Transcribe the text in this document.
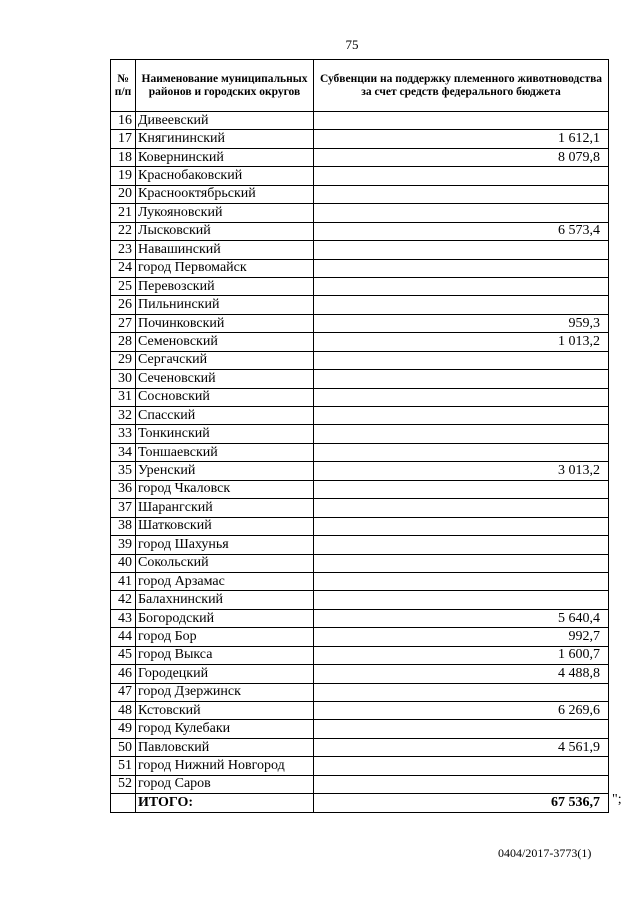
75
№
п/п	Наименование муниципальных районов и городских округов	Субвенции на поддержку племенного животноводства за счет средств федерального бюджета
16	Дивеевский	
17	Княгининский	1 612,1
18	Ковернинский	8 079,8
19	Краснобаковский	
20	Краснооктябрьский	
21	Лукояновский	
22	Лысковский	6 573,4
23	Навашинский	
24	город Первомайск	
25	Перевозский	
26	Пильнинский	
27	Починковский	959,3
28	Семеновский	1 013,2
29	Сергачский	
30	Сеченовский	
31	Сосновский	
32	Спасский	
33	Тонкинский	
34	Тоншаевский	
35	Уренский	3 013,2
36	город Чкаловск	
37	Шарангский	
38	Шатковский	
39	город Шахунья	
40	Сокольский	
41	город Арзамас	
42	Балахнинский	
43	Богородский	5 640,4
44	город Бор	992,7
45	город Выкса	1 600,7
46	Городецкий	4 488,8
47	город Дзержинск	
48	Кстовский	6 269,6
49	город Кулебаки	
50	Павловский	4 561,9
51	город Нижний Новгород	
52	город Саров	
	ИТОГО:	67 536,7 ";
0404/2017-3773(1)
